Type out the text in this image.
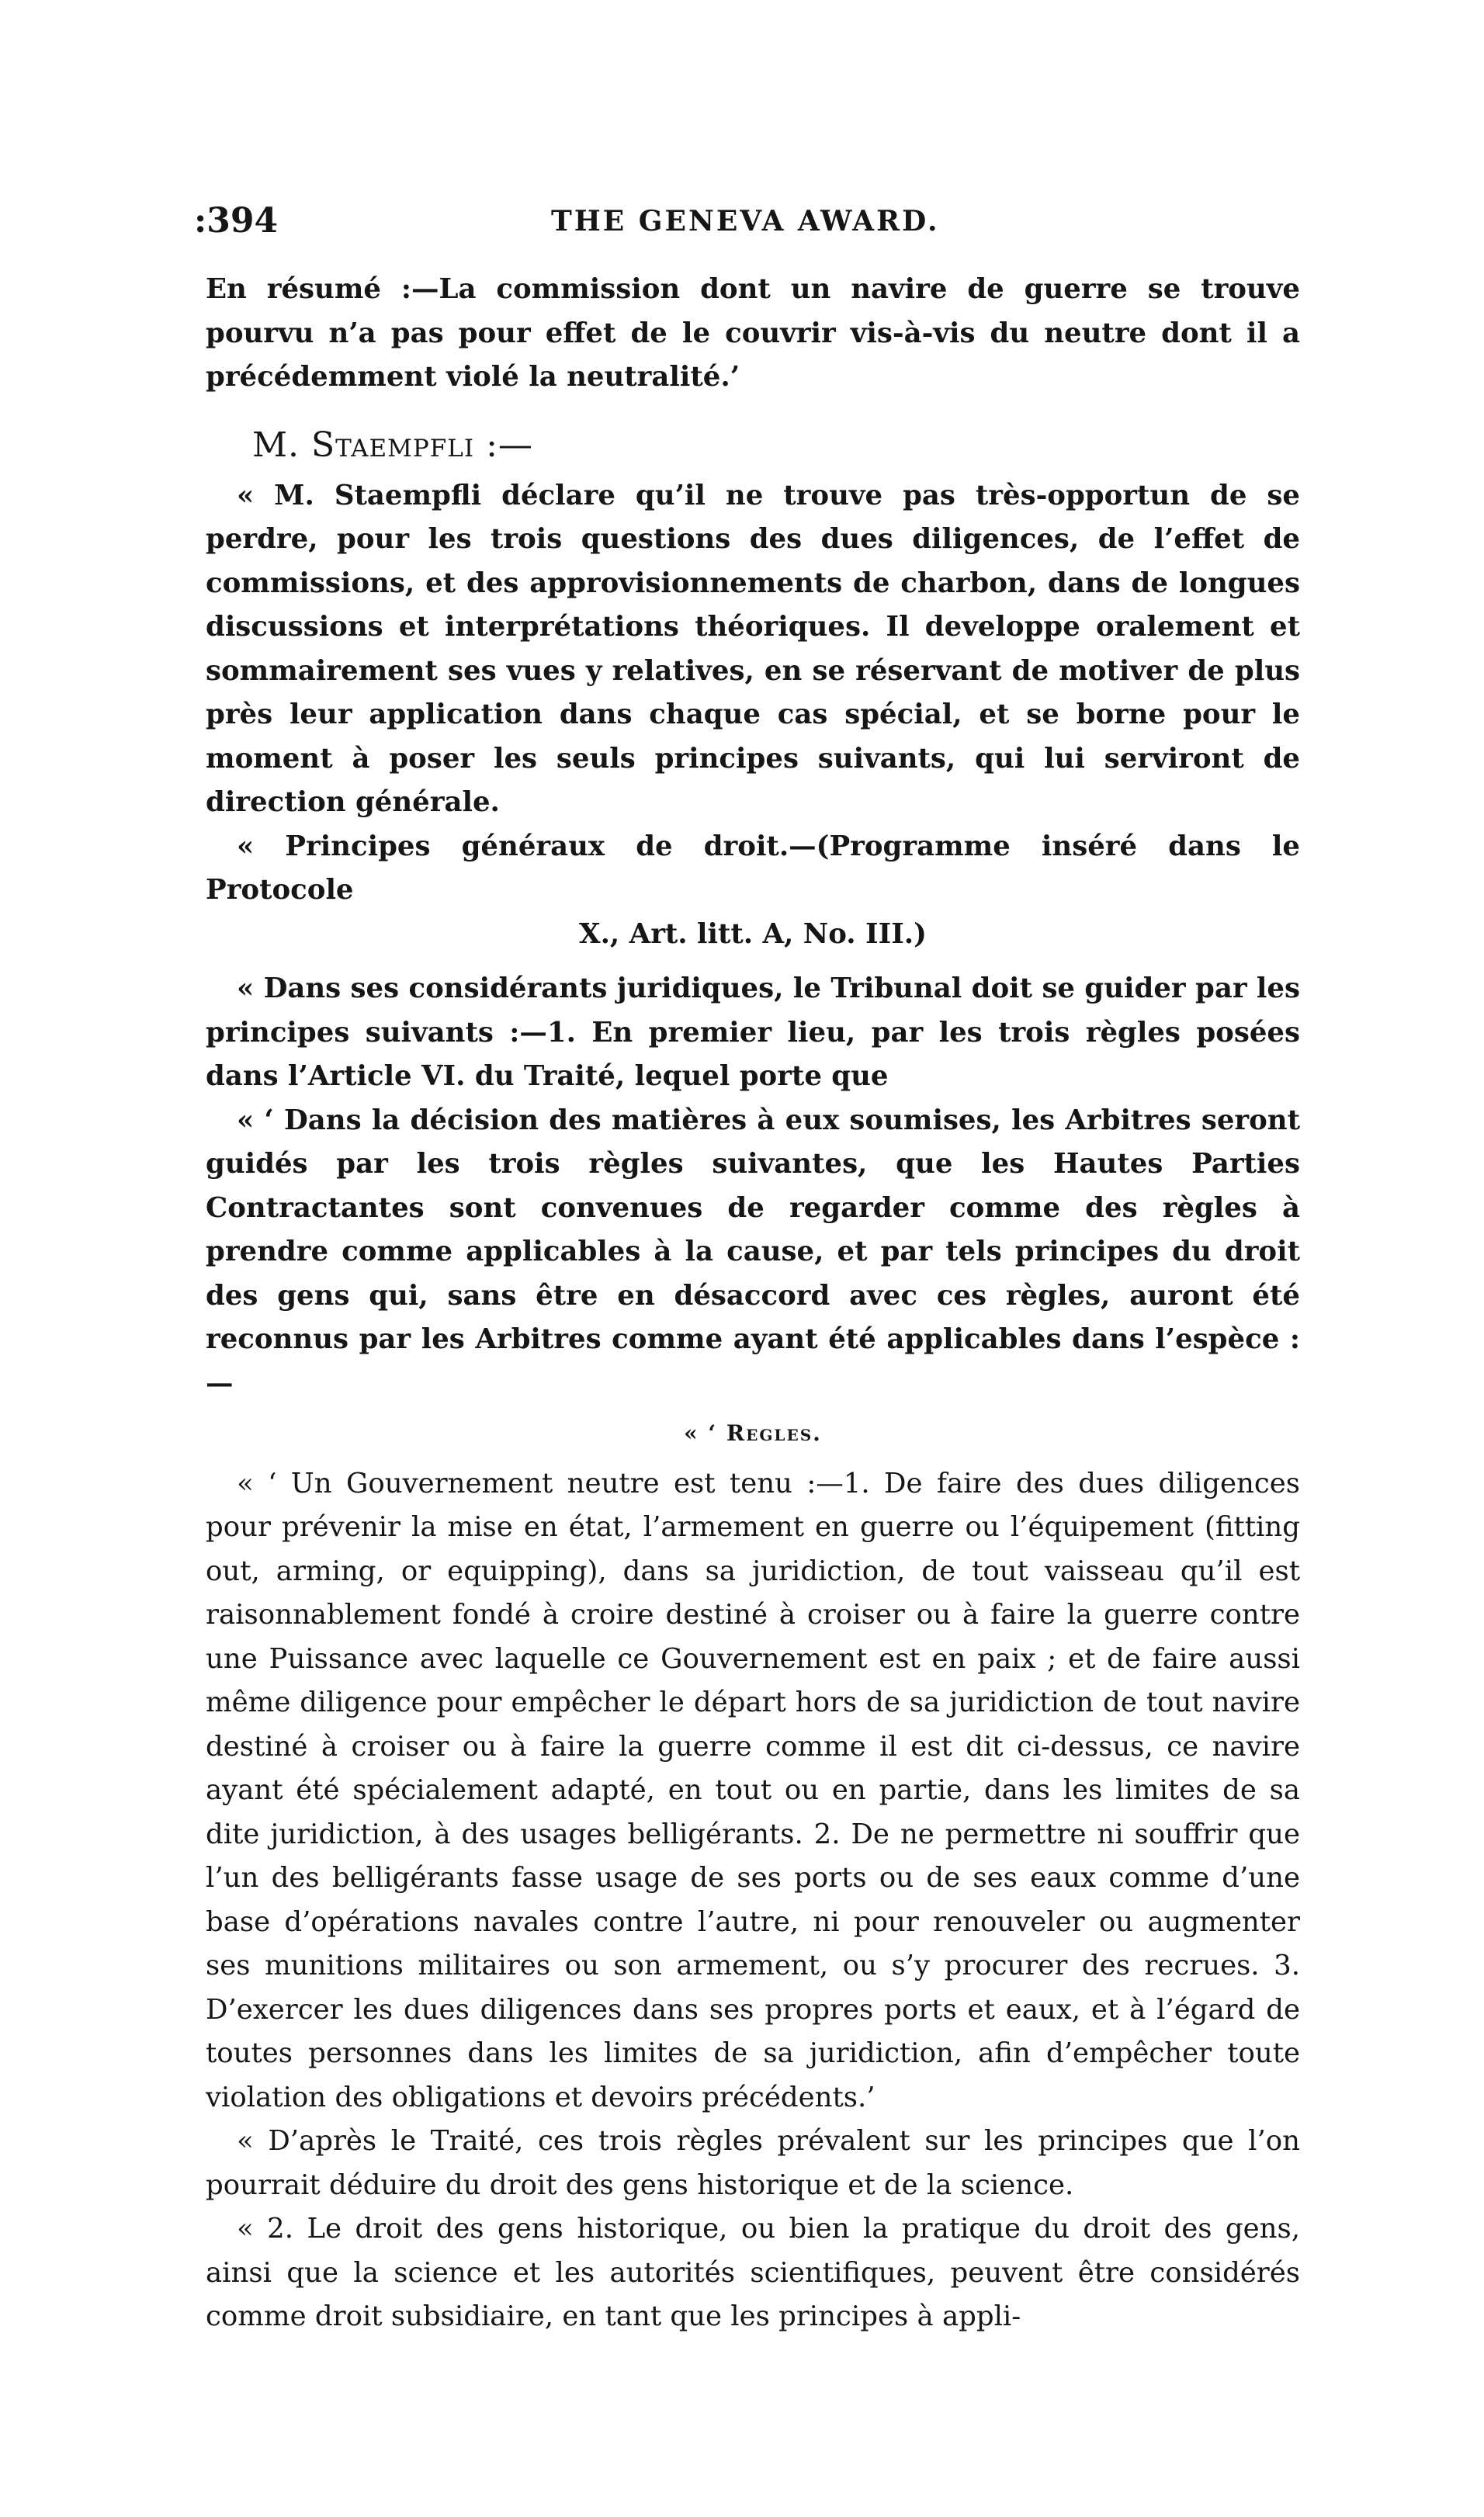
:394	THE GENEVA AWARD.

En résumé :—La commission dont un navire de guerre se trouve pourvu n’a pas pour effet de le couvrir vis-à-vis du neutre dont il a précédemment violé la neutralité.’

M. Staempfli :—

« M. Staempfli déclare qu’il ne trouve pas très-opportun de se perdre, pour les trois questions des dues diligences, de l’effet de commissions, et des approvisionnements de charbon, dans de longues discussions et interprétations théoriques. Il developpe oralement et sommairement ses vues y relatives, en se réservant de motiver de plus près leur application dans chaque cas spécial, et se borne pour le moment à poser les seuls principes suivants, qui lui serviront de direction générale.

« Principes généraux de droit.—(Programme inséré dans le Protocole

X., Art. litt. A, No. III.)

« Dans ses considérants juridiques, le Tribunal doit se guider par les principes suivants :—1. En premier lieu, par les trois règles posées dans l’Article VI. du Traité, lequel porte que

« ‘ Dans la décision des matières à eux soumises, les Arbitres seront guidés par les trois règles suivantes, que les Hautes Parties Contractantes sont convenues de regarder comme des règles à prendre comme applicables à la cause, et par tels principes du droit des gens qui, sans être en désaccord avec ces règles, auront été reconnus par les Arbitres comme ayant été applicables dans l’espèce :—

« ‘ Regles.

« ‘ Un Gouvernement neutre est tenu :—1. De faire des dues diligences pour prévenir la mise en état, l’armement en guerre ou l’équipement (fitting out, arming, or equipping), dans sa juridiction, de tout vaisseau qu’il est raisonnablement fondé à croire destiné à croiser ou à faire la guerre contre une Puissance avec laquelle ce Gouvernement est en paix ; et de faire aussi même diligence pour empêcher le départ hors de sa juridiction de tout navire destiné à croiser ou à faire la guerre comme il est dit ci-dessus, ce navire ayant été spécialement adapté, en tout ou en partie, dans les limites de sa dite juridiction, à des usages belligérants. 2. De ne permettre ni souffrir que l’un des belligérants fasse usage de ses ports ou de ses eaux comme d’une base d’opérations navales contre l’autre, ni pour renouveler ou augmenter ses munitions militaires ou son armement, ou s’y procurer des recrues. 3. D’exercer les dues diligences dans ses propres ports et eaux, et à l’égard de toutes personnes dans les limites de sa juridiction, afin d’empêcher toute violation des obligations et devoirs précédents.’

« D’après le Traité, ces trois règles prévalent sur les principes que l’on pourrait déduire du droit des gens historique et de la science.

« 2. Le droit des gens historique, ou bien la pratique du droit des gens, ainsi que la science et les autorités scientifiques, peuvent être considérés comme droit subsidiaire, en tant que les principes à appli-
